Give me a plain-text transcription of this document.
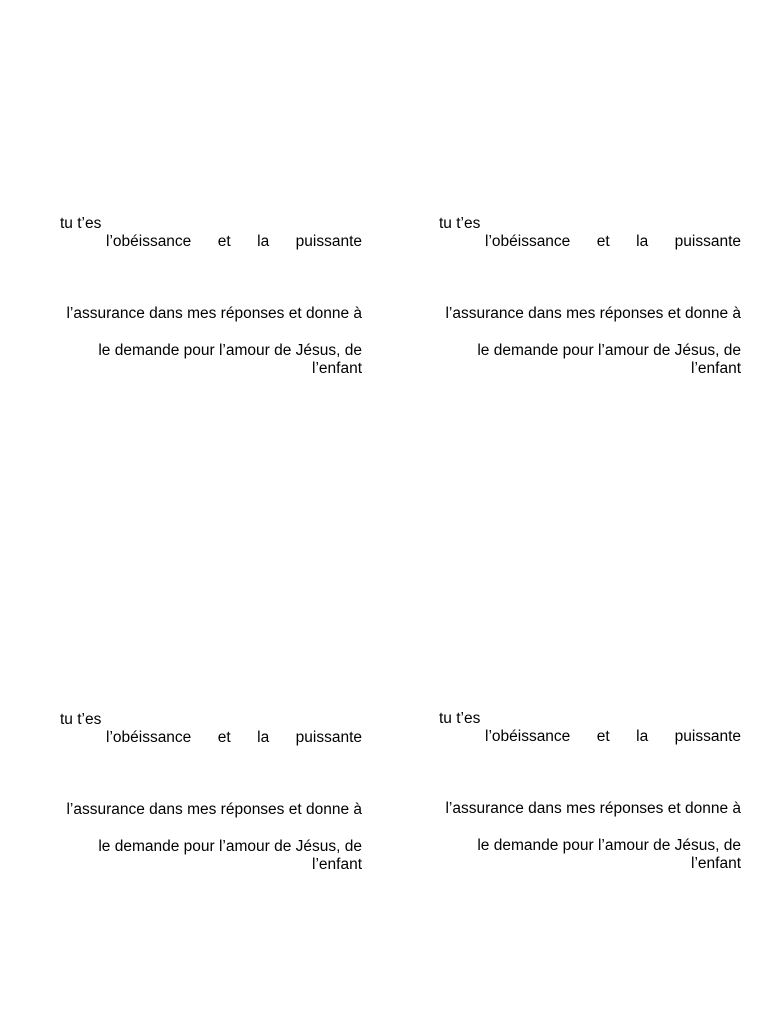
tu t’es
l’obéissance et la puissante
l’assurance dans mes réponses et donne à
le demande pour l’amour de Jésus, de
l’enfant
tu t’es
l’obéissance et la puissante
l’assurance dans mes réponses et donne à
le demande pour l’amour de Jésus, de
l’enfant
tu t’es
l’obéissance et la puissante
l’assurance dans mes réponses et donne à
le demande pour l’amour de Jésus, de
l’enfant
tu t’es
l’obéissance et la puissante
l’assurance dans mes réponses et donne à
le demande pour l’amour de Jésus, de
l’enfant
